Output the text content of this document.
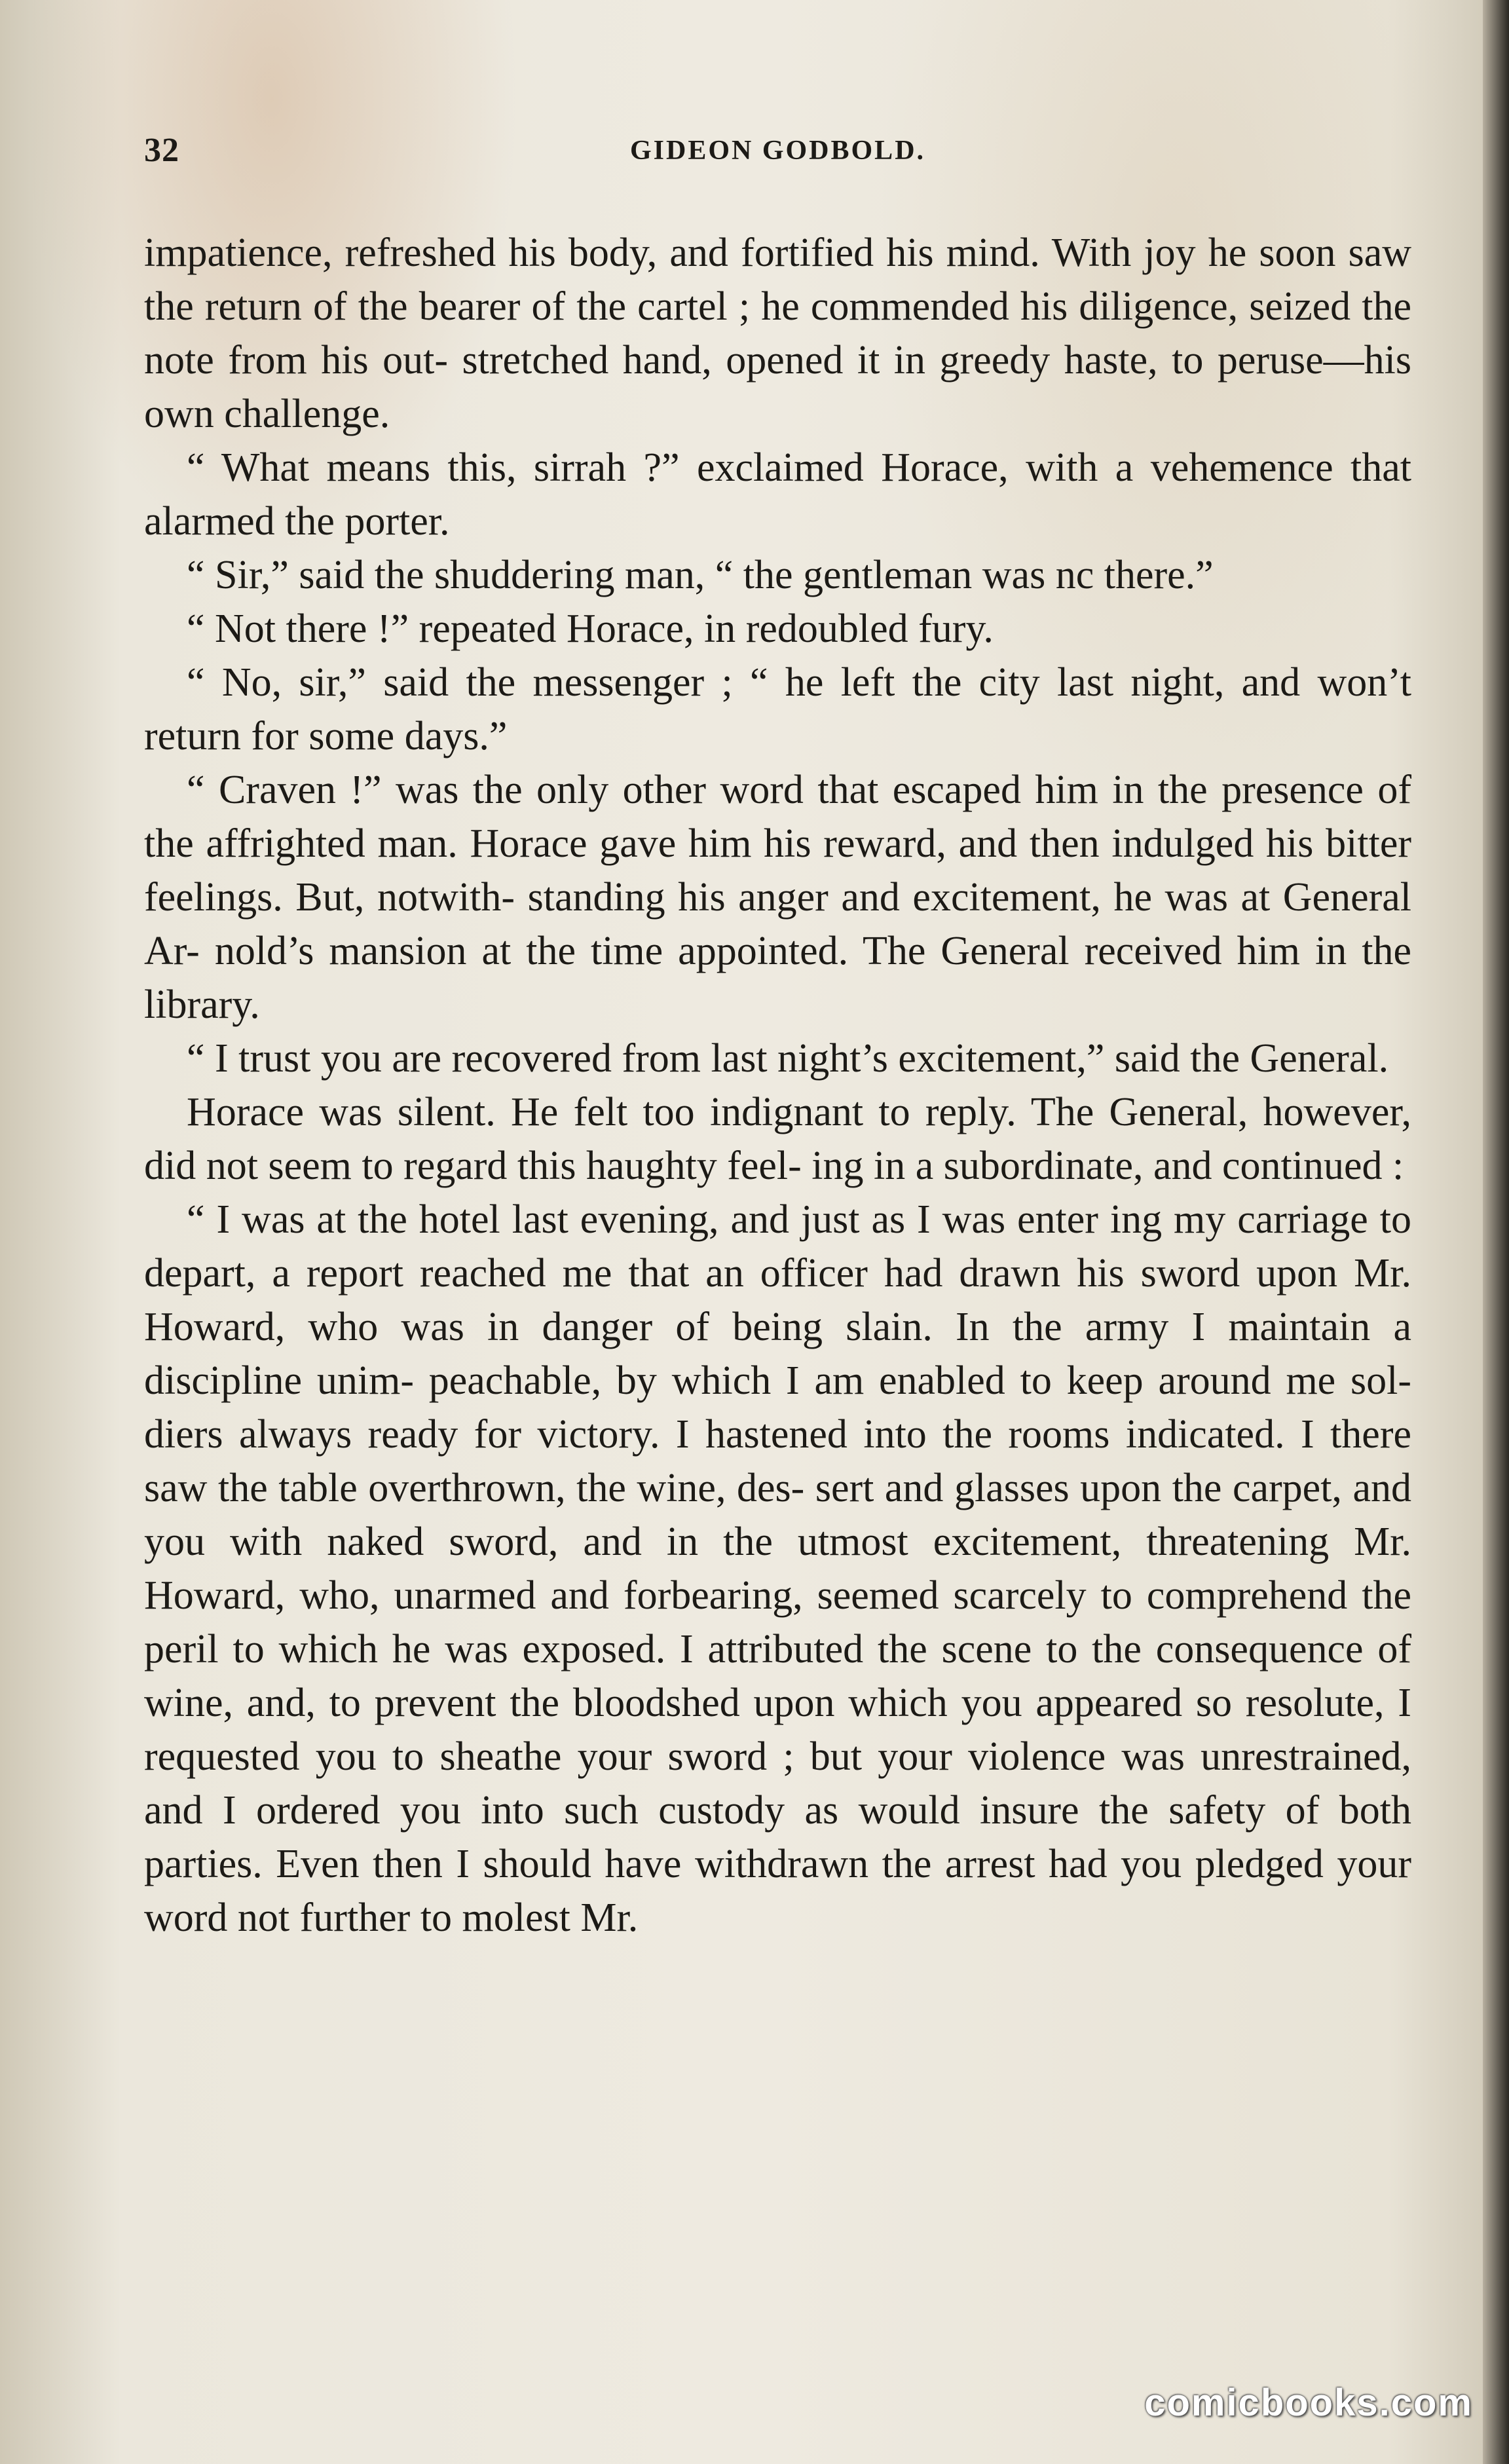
32	GIDEON GODBOLD.

impatience, refreshed his body, and fortified his mind. With joy he soon saw the return of the bearer of the cartel ; he commended his diligence, seized the note from his out- stretched hand, opened it in greedy haste, to peruse—his own challenge.

“ What means this, sirrah ?” exclaimed Horace, with a vehemence that alarmed the porter.

“ Sir,” said the shuddering man, “ the gentleman was nc there.”

“ Not there !” repeated Horace, in redoubled fury.

“ No, sir,” said the messenger ; “ he left the city last night, and won’t return for some days.”

“ Craven !” was the only other word that escaped him in the presence of the affrighted man. Horace gave him his reward, and then indulged his bitter feelings. But, notwith- standing his anger and excitement, he was at General Ar- nold’s mansion at the time appointed. The General received him in the library.

“ I trust you are recovered from last night’s excitement,” said the General.

Horace was silent. He felt too indignant to reply. The General, however, did not seem to regard this haughty feel- ing in a subordinate, and continued :

“ I was at the hotel last evening, and just as I was enter ing my carriage to depart, a report reached me that an officer had drawn his sword upon Mr. Howard, who was in danger of being slain. In the army I maintain a discipline unim- peachable, by which I am enabled to keep around me sol- diers always ready for victory. I hastened into the rooms indicated. I there saw the table overthrown, the wine, des- sert and glasses upon the carpet, and you with naked sword, and in the utmost excitement, threatening Mr. Howard, who, unarmed and forbearing, seemed scarcely to comprehend the peril to which he was exposed. I attributed the scene to the consequence of wine, and, to prevent the bloodshed upon which you appeared so resolute, I requested you to sheathe your sword ; but your violence was unrestrained, and I ordered you into such custody as would insure the safety of both parties. Even then I should have withdrawn the arrest had you pledged your word not further to molest Mr.

comicbooks.com
